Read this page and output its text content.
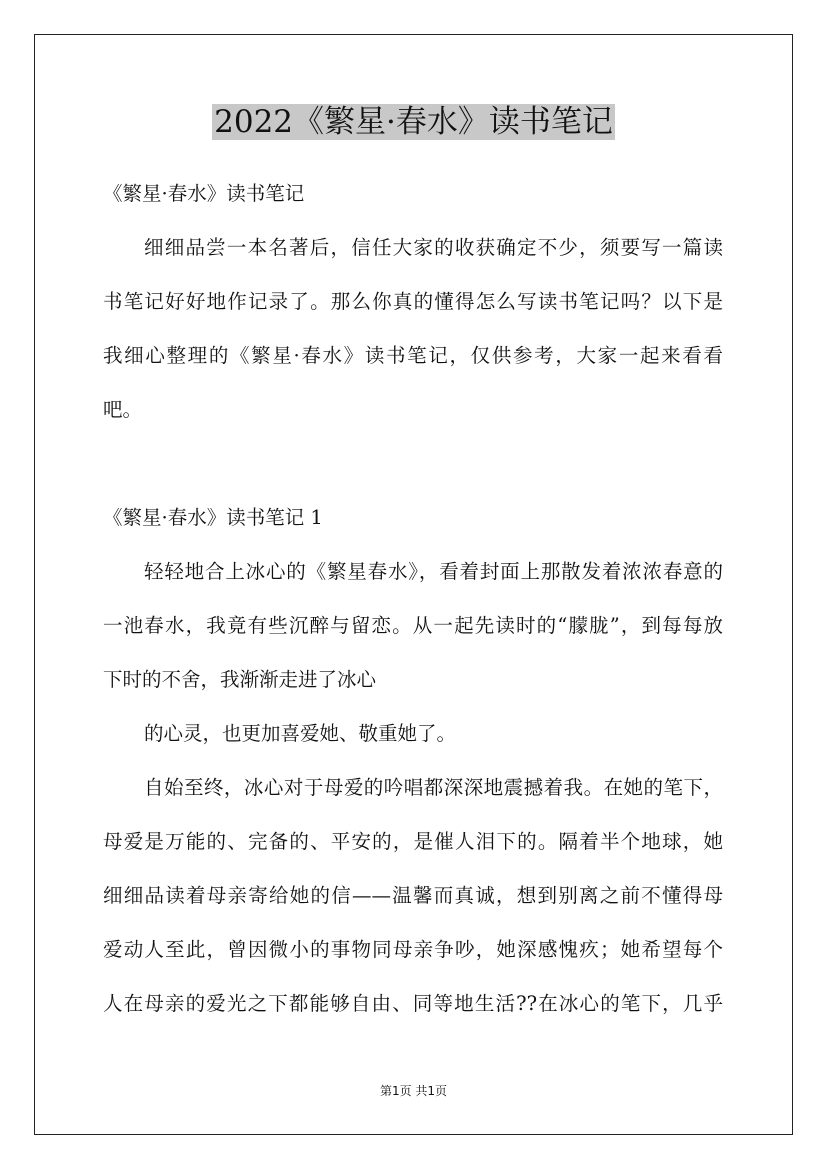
2022《繁星·春水》读书笔记
《繁星·春水》读书笔记
细细品尝一本名著后，信任大家的收获确定不少，须要写一篇读
书笔记好好地作记录了。那么你真的懂得怎么写读书笔记吗？以下是
我细心整理的《繁星·春水》读书笔记，仅供参考，大家一起来看看
吧。
《繁星·春水》读书笔记 1
轻轻地合上冰心的《繁星春水》，看着封面上那散发着浓浓春意的
一池春水，我竟有些沉醉与留恋。从一起先读时的“朦胧”，到每每放
下时的不舍，我渐渐走进了冰心
的心灵，也更加喜爱她、敬重她了。
自始至终，冰心对于母爱的吟唱都深深地震撼着我。在她的笔下，
母爱是万能的、完备的、平安的，是催人泪下的。隔着半个地球，她
细细品读着母亲寄给她的信——温馨而真诚，想到别离之前不懂得母
爱动人至此，曾因微小的事物同母亲争吵，她深感愧疚；她希望每个
人在母亲的爱光之下都能够自由、同等地生活??在冰心的笔下，几乎
第1页 共1页
